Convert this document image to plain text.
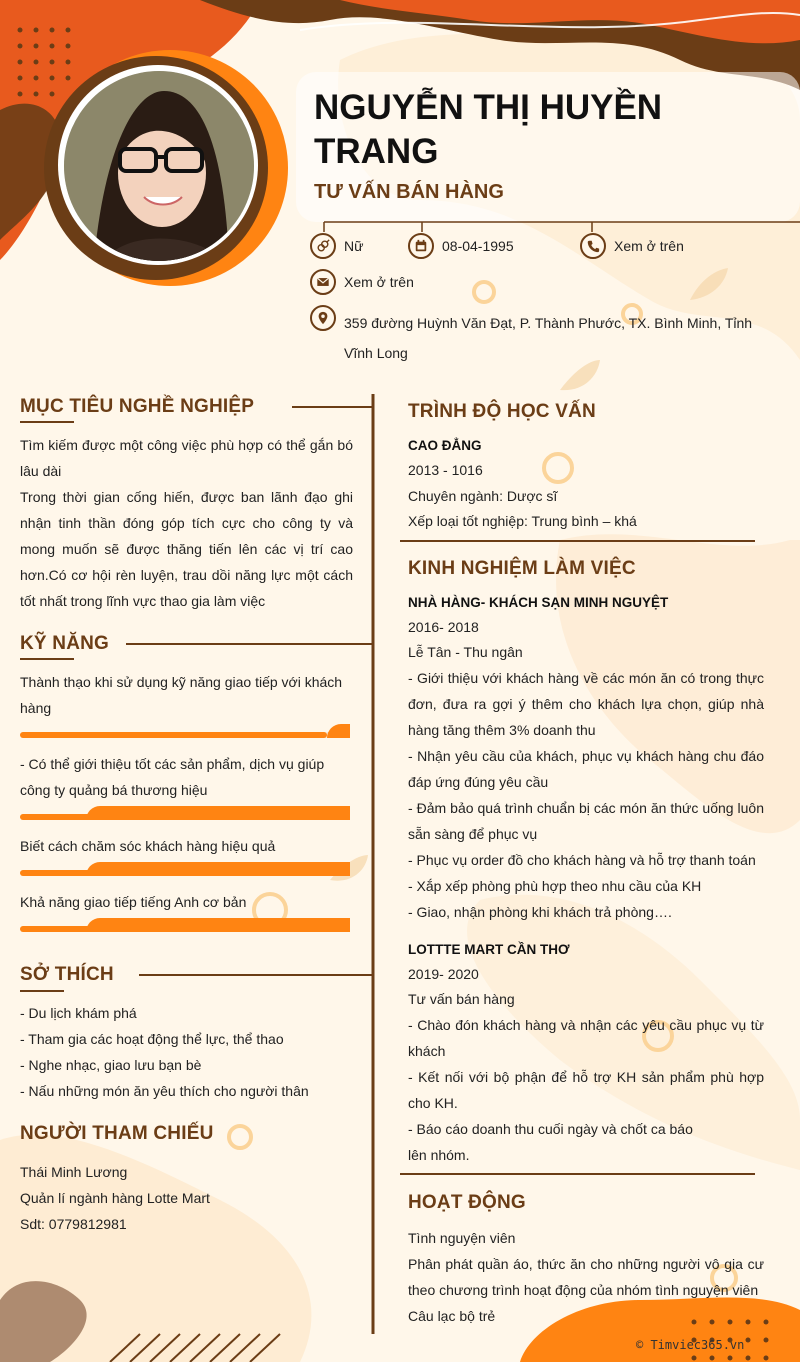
NGUYỄN THỊ HUYỀN TRANG
TƯ VẤN BÁN HÀNG
Nữ	08-04-1995	Xem ở trên
Xem ở trên
359 đường Huỳnh Văn Đạt, P. Thành Phước, TX. Bình Minh, Tỉnh Vĩnh Long
MỤC TIÊU NGHỀ NGHIỆP
Tìm kiếm được một công việc phù hợp có thể gắn bó lâu dài
Trong thời gian cống hiến, được ban lãnh đạo ghi nhận tinh thần đóng góp tích cực cho công ty và mong muốn sẽ được thăng tiến lên các vị trí cao hơn.Có cơ hội rèn luyện, trau dồi năng lực một cách tốt nhất trong lĩnh vực thao gia làm việc
KỸ NĂNG
Thành thạo khi sử dụng kỹ năng giao tiếp với khách hàng
- Có thể giới thiệu tốt các sản phẩm, dịch vụ giúp công ty quảng bá thương hiệu
Biết cách chăm sóc khách hàng hiệu quả
Khả năng giao tiếp tiếng Anh cơ bản
SỞ THÍCH
- Du lịch khám phá
- Tham gia các hoạt động thể lực, thể thao
- Nghe nhạc, giao lưu bạn bè
- Nấu những món ăn yêu thích cho người thân
NGƯỜI THAM CHIẾU
Thái Minh Lương
Quản lí ngành hàng Lotte Mart
Sdt: 0779812981
TRÌNH ĐỘ HỌC VẤN
CAO ĐẲNG
2013 - 1016
Chuyên ngành: Dược sĩ
Xếp loại tốt nghiệp: Trung bình – khá
KINH NGHIỆM LÀM VIỆC
NHÀ HÀNG- KHÁCH SẠN MINH NGUYỆT
2016- 2018
Lễ Tân - Thu ngân
- Giới thiệu với khách hàng về các món ăn có trong thực đơn, đưa ra gợi ý thêm cho khách lựa chọn, giúp nhà hàng tăng thêm 3% doanh thu
- Nhận yêu cầu của khách, phục vụ khách hàng chu đáo đáp ứng đúng yêu cầu
- Đảm bảo quá trình chuẩn bị các món ăn thức uống luôn sẵn sàng để phục vụ
- Phục vụ order đồ cho khách hàng và hỗ trợ thanh toán
- Xắp xếp phòng phù hợp theo nhu cầu của KH
- Giao, nhận phòng khi khách trả phòng….
LOTTTE MART CẦN THƠ
2019- 2020
Tư vấn bán hàng
- Chào đón khách hàng và nhận các yêu cầu phục vụ từ khách
- Kết nối với bộ phận để hỗ trợ KH sản phẩm phù hợp cho KH.
- Báo cáo doanh thu cuối ngày và chốt ca báo
lên nhóm.
HOẠT ĐỘNG
Tình nguyện viên
Phân phát quần áo, thức ăn cho những người vô gia cư theo chương trình hoạt động của nhóm tình nguyện viên
Câu lạc bộ trẻ
© Timviec365.vn
